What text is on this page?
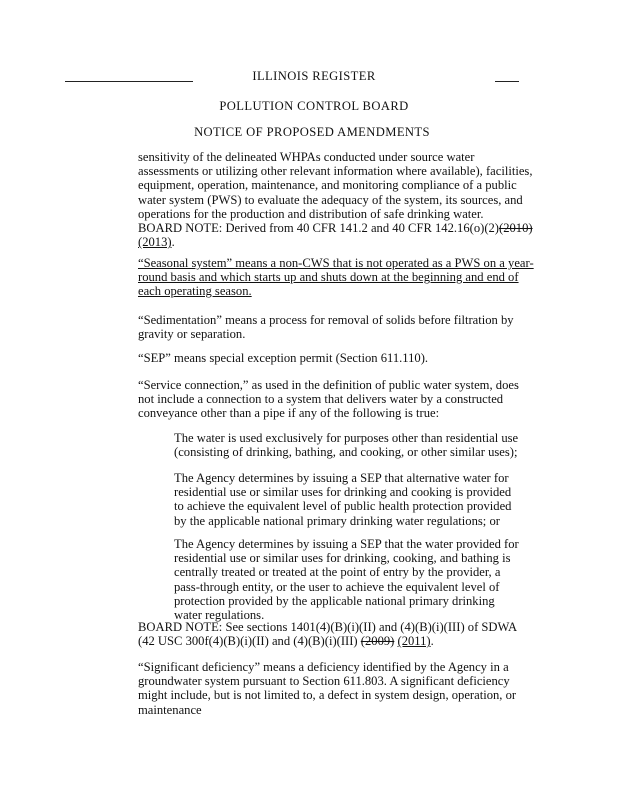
ILLINOIS REGISTER
POLLUTION CONTROL BOARD
NOTICE OF PROPOSED AMENDMENTS
sensitivity of the delineated WHPAs conducted under source water assessments or utilizing other relevant information where available), facilities, equipment, operation, maintenance, and monitoring compliance of a public water system (PWS) to evaluate the adequacy of the system, its sources, and operations for the production and distribution of safe drinking water.
BOARD NOTE: Derived from 40 CFR 141.2 and 40 CFR 142.16(o)(2)(2010) (2013).
“Seasonal system” means a non-CWS that is not operated as a PWS on a year-round basis and which starts up and shuts down at the beginning and end of each operating season.
“Sedimentation” means a process for removal of solids before filtration by gravity or separation.
“SEP” means special exception permit (Section 611.110).
“Service connection,” as used in the definition of public water system, does not include a connection to a system that delivers water by a constructed conveyance other than a pipe if any of the following is true:
The water is used exclusively for purposes other than residential use (consisting of drinking, bathing, and cooking, or other similar uses);
The Agency determines by issuing a SEP that alternative water for residential use or similar uses for drinking and cooking is provided to achieve the equivalent level of public health protection provided by the applicable national primary drinking water regulations; or
The Agency determines by issuing a SEP that the water provided for residential use or similar uses for drinking, cooking, and bathing is centrally treated or treated at the point of entry by the provider, a pass-through entity, or the user to achieve the equivalent level of protection provided by the applicable national primary drinking water regulations.
BOARD NOTE: See sections 1401(4)(B)(i)(II) and (4)(B)(i)(III) of SDWA (42 USC 300f(4)(B)(i)(II) and (4)(B)(i)(III) (2009) (2011).
“Significant deficiency” means a deficiency identified by the Agency in a groundwater system pursuant to Section 611.803. A significant deficiency might include, but is not limited to, a defect in system design, operation, or maintenance
